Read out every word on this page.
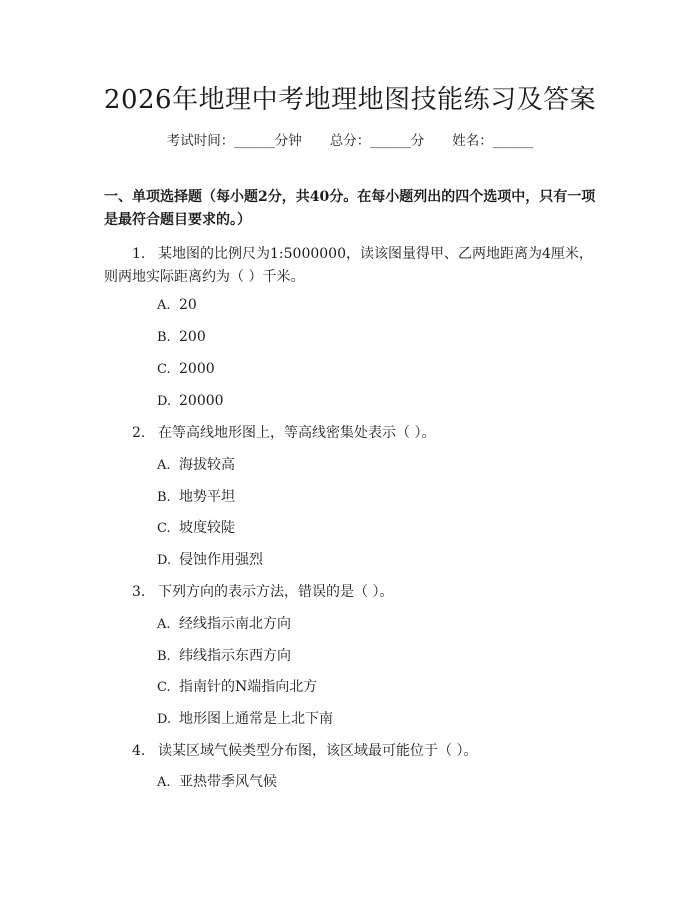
2026年地理中考地理地图技能练习及答案
考试时间：______分钟 总分：______分 姓名：______
一、单项选择题（每小题2分，共40分。在每小题列出的四个选项中，只有一项是最符合题目要求的。）
1. 某地图的比例尺为1:5000000，读该图量得甲、乙两地距离为4厘米，则两地实际距离约为（ ）千米。
A. 20
B. 200
C. 2000
D. 20000
2. 在等高线地形图上，等高线密集处表示（ ）。
A. 海拔较高
B. 地势平坦
C. 坡度较陡
D. 侵蚀作用强烈
3. 下列方向的表示方法，错误的是（ ）。
A. 经线指示南北方向
B. 纬线指示东西方向
C. 指南针的N端指向北方
D. 地形图上通常是上北下南
4. 读某区域气候类型分布图，该区域最可能位于（ ）。
A. 亚热带季风气候
